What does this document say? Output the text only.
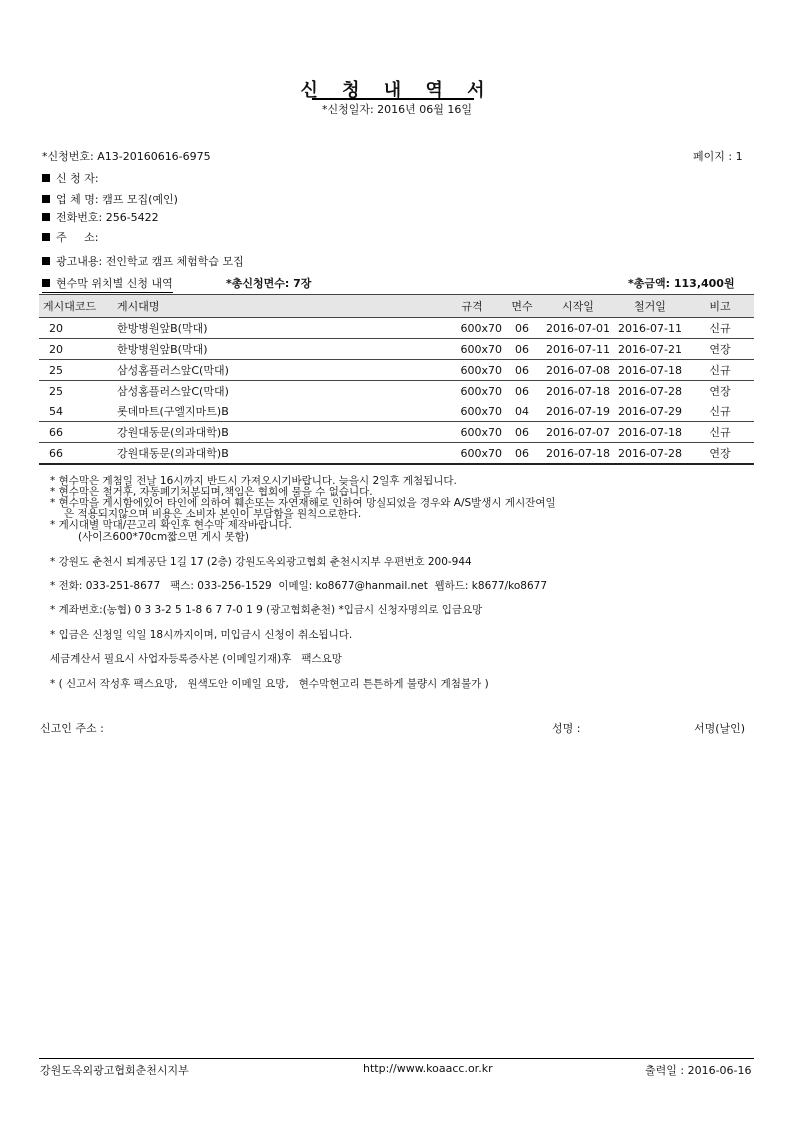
신 청 내 역 서
*신청일자: 2016년 06월 16일
*신청번호: A13-20160616-6975	페이지 : 1
신 청 자:
업 체 명: 캠프 모집(예인)
전화번호: 256-5422
주     소:
광고내용: 전인학교 캠프 체험학습 모집
현수막 위치별 신청 내역	*총신청면수: 7장	*총금액: 113,400원
게시대코드	게시대명	규격	면수	시작일	철거일	비고
20	한방병원앞B(막대)	600x70	06	2016-07-01	2016-07-11	신규
20	한방병원앞B(막대)	600x70	06	2016-07-11	2016-07-21	연장
25	삼성홈플러스앞C(막대)	600x70	06	2016-07-08	2016-07-18	신규
25	삼성홈플러스앞C(막대)	600x70	06	2016-07-18	2016-07-28	연장
54	롯데마트(구엘지마트)B	600x70	04	2016-07-19	2016-07-29	신규
66	강원대동문(의과대학)B	600x70	06	2016-07-07	2016-07-18	신규
66	강원대동문(의과대학)B	600x70	06	2016-07-18	2016-07-28	연장
* 현수막은 게첨일 전날 16시까지 반드시 가져오시기바랍니다. 늦을시 2일후 게첨됩니다.
* 현수막은 철거후, 자동폐기처분되며,책임은 협회에 물을 수 없습니다.
* 현수막을 게시함에있어 타인에 의하여 훼손또는 자연재해로 인하여 망실되었을 경우와 A/S발생시 게시잔여일
은 적용되지않으며 비용은 소비자 본인이 부담함을 원칙으로한다.
* 게시대별 막대/끈고리 확인후 현수막 제작바랍니다.
(사이즈600*70cm짧으면 게시 못함)
* 강원도 춘천시 퇴계공단 1길 17 (2층) 강원도옥외광고협회 춘천시지부 우편번호 200-944
* 전화: 033-251-8677   팩스: 033-256-1529  이메일: ko8677@hanmail.net  웹하드: k8677/ko8677
* 계좌번호:(농협) 0 3 3-2 5 1-8 6 7 7-0 1 9 (광고협회춘천) *입금시 신청자명의로 입금요망
* 입금은 신청일 익일 18시까지이며, 미입금시 신청이 취소됩니다.
세금계산서 필요시 사업자등록증사본 (이메일기재)후   팩스요망
* ( 신고서 작성후 팩스요망,   원색도안 이메일 요망,   현수막현고리 튼튼하게 불량시 게첨불가 )
신고인 주소 :	성명 :	서명(날인)
강원도옥외광고협회춘천시지부	http://www.koaacc.or.kr	출력일 : 2016-06-16
